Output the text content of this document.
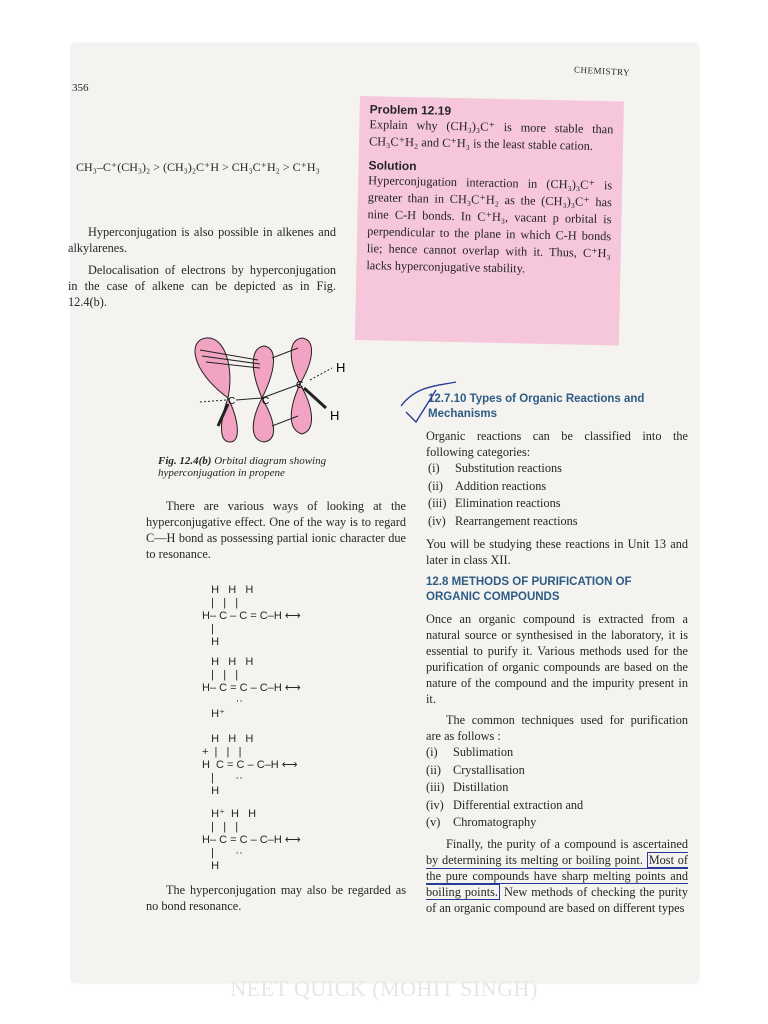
356
CHEMISTRY
CH₃–C⁺(CH₃)₂ > (CH₃)₂C⁺H > CH₃C⁺H₂ > C⁺H₃
Hyperconjugation is also possible in alkenes and alkylarenes.
Delocalisation of electrons by hyperconjugation in the case of alkene can be depicted as in Fig. 12.4(b).
C	C
C
H
H
Fig. 12.4(b) Orbital diagram showing hyperconjugation in propene
There are various ways of looking at the hyperconjugative effect. One of the way is to regard C—H bond as possessing partial ionic character due to resonance.
H   H   H
|   |   |
H– C – C = C–H ⟷
|
H
H   H   H
|   |   |
H– C = C – C–H ⟷
··
H⁺
H   H   H
+  |   |   |
H  C = C – C–H ⟷
|       ··
H
H⁺  H   H
|   |   |
H– C = C – C–H ⟷
|       ··
H
The hyperconjugation may also be regarded as no bond resonance.
Problem 12.19
Explain why (CH₃)₃C⁺ is more stable than CH₃C⁺H₂ and C⁺H₃ is the least stable cation.
Solution
Hyperconjugation interaction in (CH₃)₃C⁺ is greater than in CH₃C⁺H₂ as the (CH₃)₃C⁺ has nine C-H bonds. In C⁺H₃, vacant p orbital is perpendicular to the plane in which C-H bonds lie; hence cannot overlap with it. Thus, C⁺H₃ lacks hyperconjugative stability.
12.7.10 Types of Organic Reactions and Mechanisms
Organic reactions can be classified into the following categories:
(i) Substitution reactions
(ii) Addition reactions
(iii) Elimination reactions
(iv) Rearrangement reactions
You will be studying these reactions in Unit 13 and later in class XII.
12.8 METHODS OF PURIFICATION OF ORGANIC COMPOUNDS
Once an organic compound is extracted from a natural source or synthesised in the laboratory, it is essential to purify it. Various methods used for the purification of organic compounds are based on the nature of the compound and the impurity present in it.
The common techniques used for purification are as follows :
(i) Sublimation
(ii) Crystallisation
(iii) Distillation
(iv) Differential extraction and
(v) Chromatography
Finally, the purity of a compound is ascertained by determining its melting or boiling point. Most of the pure compounds have sharp melting points and boiling points. New methods of checking the purity of an organic compound are based on different types
NEET QUICK (MOHIT SINGH)
